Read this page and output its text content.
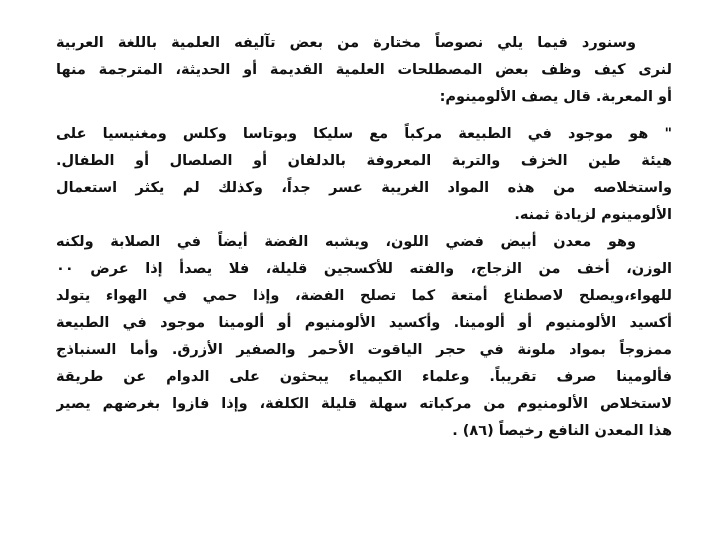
وسنورد فيما يلي نصوصاً مختارة من بعض تآليفه العلمية باللغة العربية
لنرى كيف وظف بعض المصطلحات العلمية القديمة أو الحديثة، المترجمة منها
أو المعربة. قال يصف الألومينوم:
" هو موجود في الطبيعة مركباً مع سليكا وبوتاسا وكلس ومغنيسيا على
هيئة طين الخزف والتربة المعروفة بالدلفان أو الصلصال أو الطفال.
واستخلاصه من هذه المواد الغريبة عسر جداً، وكذلك لم يكثر استعمال
الألومينوم لزيادة ثمنه.
وهو معدن أبيض فضي اللون، ويشبه الفضة أيضاً في الصلابة ولكنه
الوزن، أخف من الزجاج، والفته للأكسجين قليلة، فلا يصدأ إذا عرض ٠٠
للهواء،ويصلح لاصطناع أمتعة كما تصلح الفضة، وإذا حمي في الهواء يتولد
أكسيد الألومنيوم أو ألومينا. وأكسيد الألومنيوم أو ألومينا موجود في الطبيعة
ممزوجاً بمواد ملونة في حجر الياقوت الأحمر والصفير الأزرق. وأما السنباذج
فألومينا صرف تقريباً. وعلماء الكيمياء يبحثون على الدوام عن طريقة
لاستخلاص الألومنيوم من مركباته سهلة قليلة الكلفة، وإذا فازوا بغرضهم يصير
هذا المعدن النافع رخيصاً (٨٦) .
